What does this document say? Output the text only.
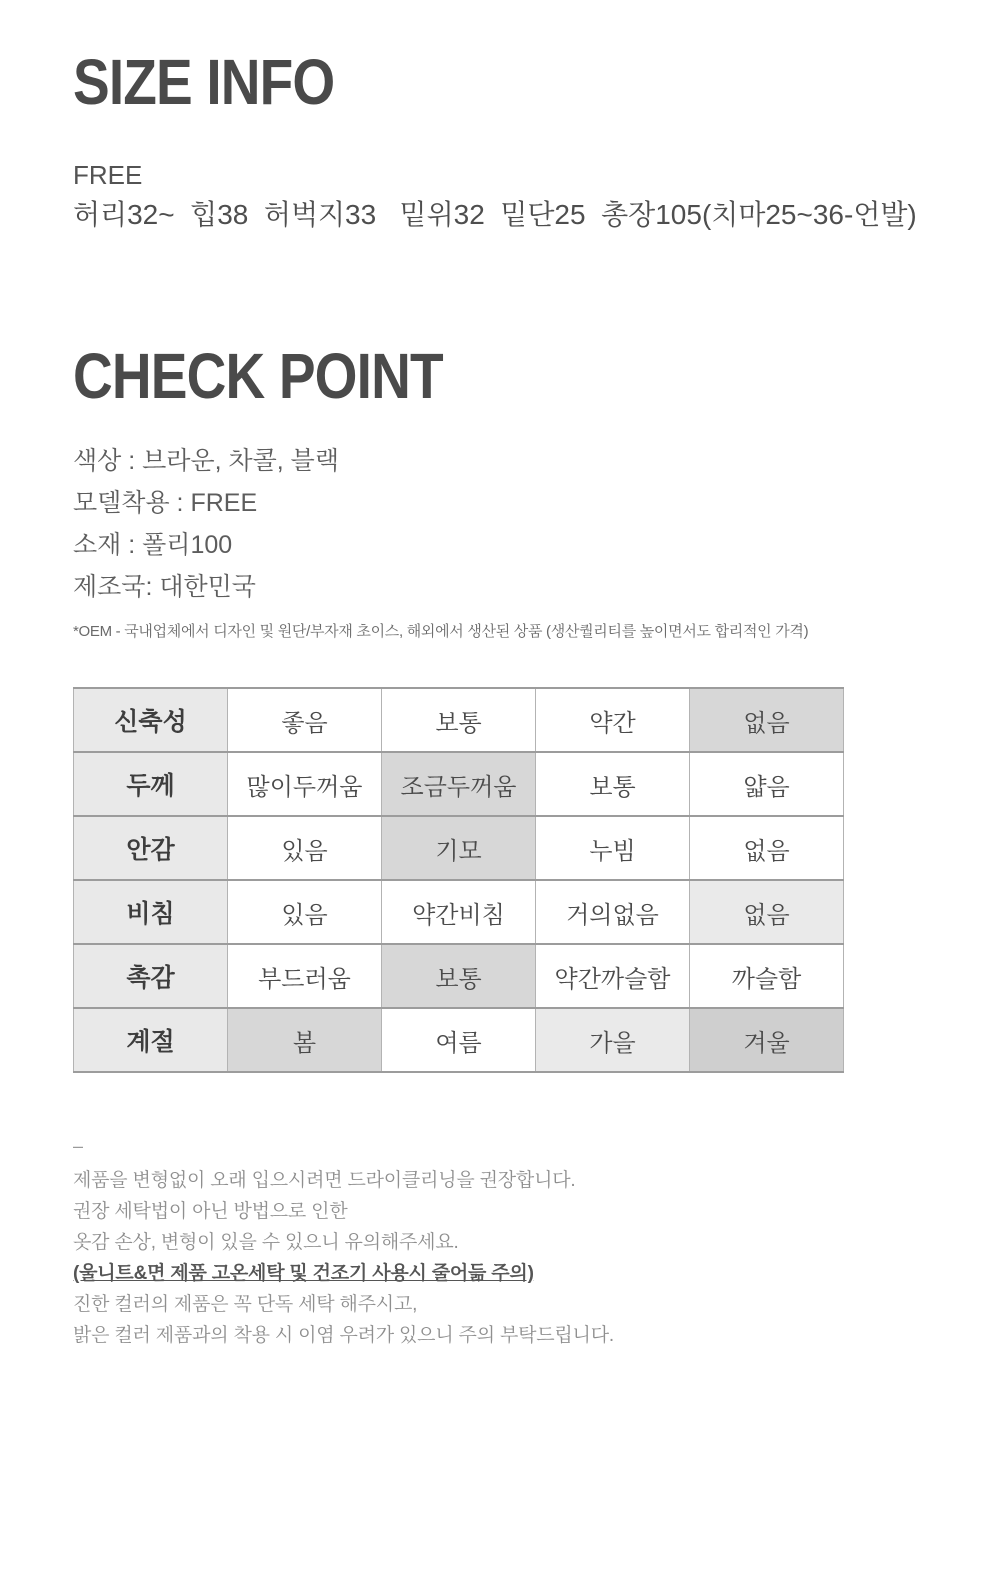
SIZE INFO
FREE
허리32~  힙38  허벅지33   밑위32  밑단25  총장105(치마25~36-언발)
CHECK POINT
색상 : 브라운, 차콜, 블랙
모델착용 : FREE
소재 : 폴리100
제조국: 대한민국
*OEM - 국내업체에서 디자인 및 원단/부자재 초이스, 해외에서 생산된 상품 (생산퀄리티를 높이면서도 합리적인 가격)
신축성	좋음	보통	약간	없음
두께	많이두꺼움	조금두꺼움	보통	얇음
안감	있음	기모	누빔	없음
비침	있음	약간비침	거의없음	없음
촉감	부드러움	보통	약간까슬함	까슬함
계절	봄	여름	가을	겨울
–
제품을 변형없이 오래 입으시려면 드라이클리닝을 권장합니다.
권장 세탁법이 아닌 방법으로 인한
옷감 손상, 변형이 있을 수 있으니 유의해주세요.
(울니트&면 제품 고온세탁 및 건조기 사용시 줄어듦 주의)
진한 컬러의 제품은 꼭 단독 세탁 해주시고,
밝은 컬러 제품과의 착용 시 이염 우려가 있으니 주의 부탁드립니다.
